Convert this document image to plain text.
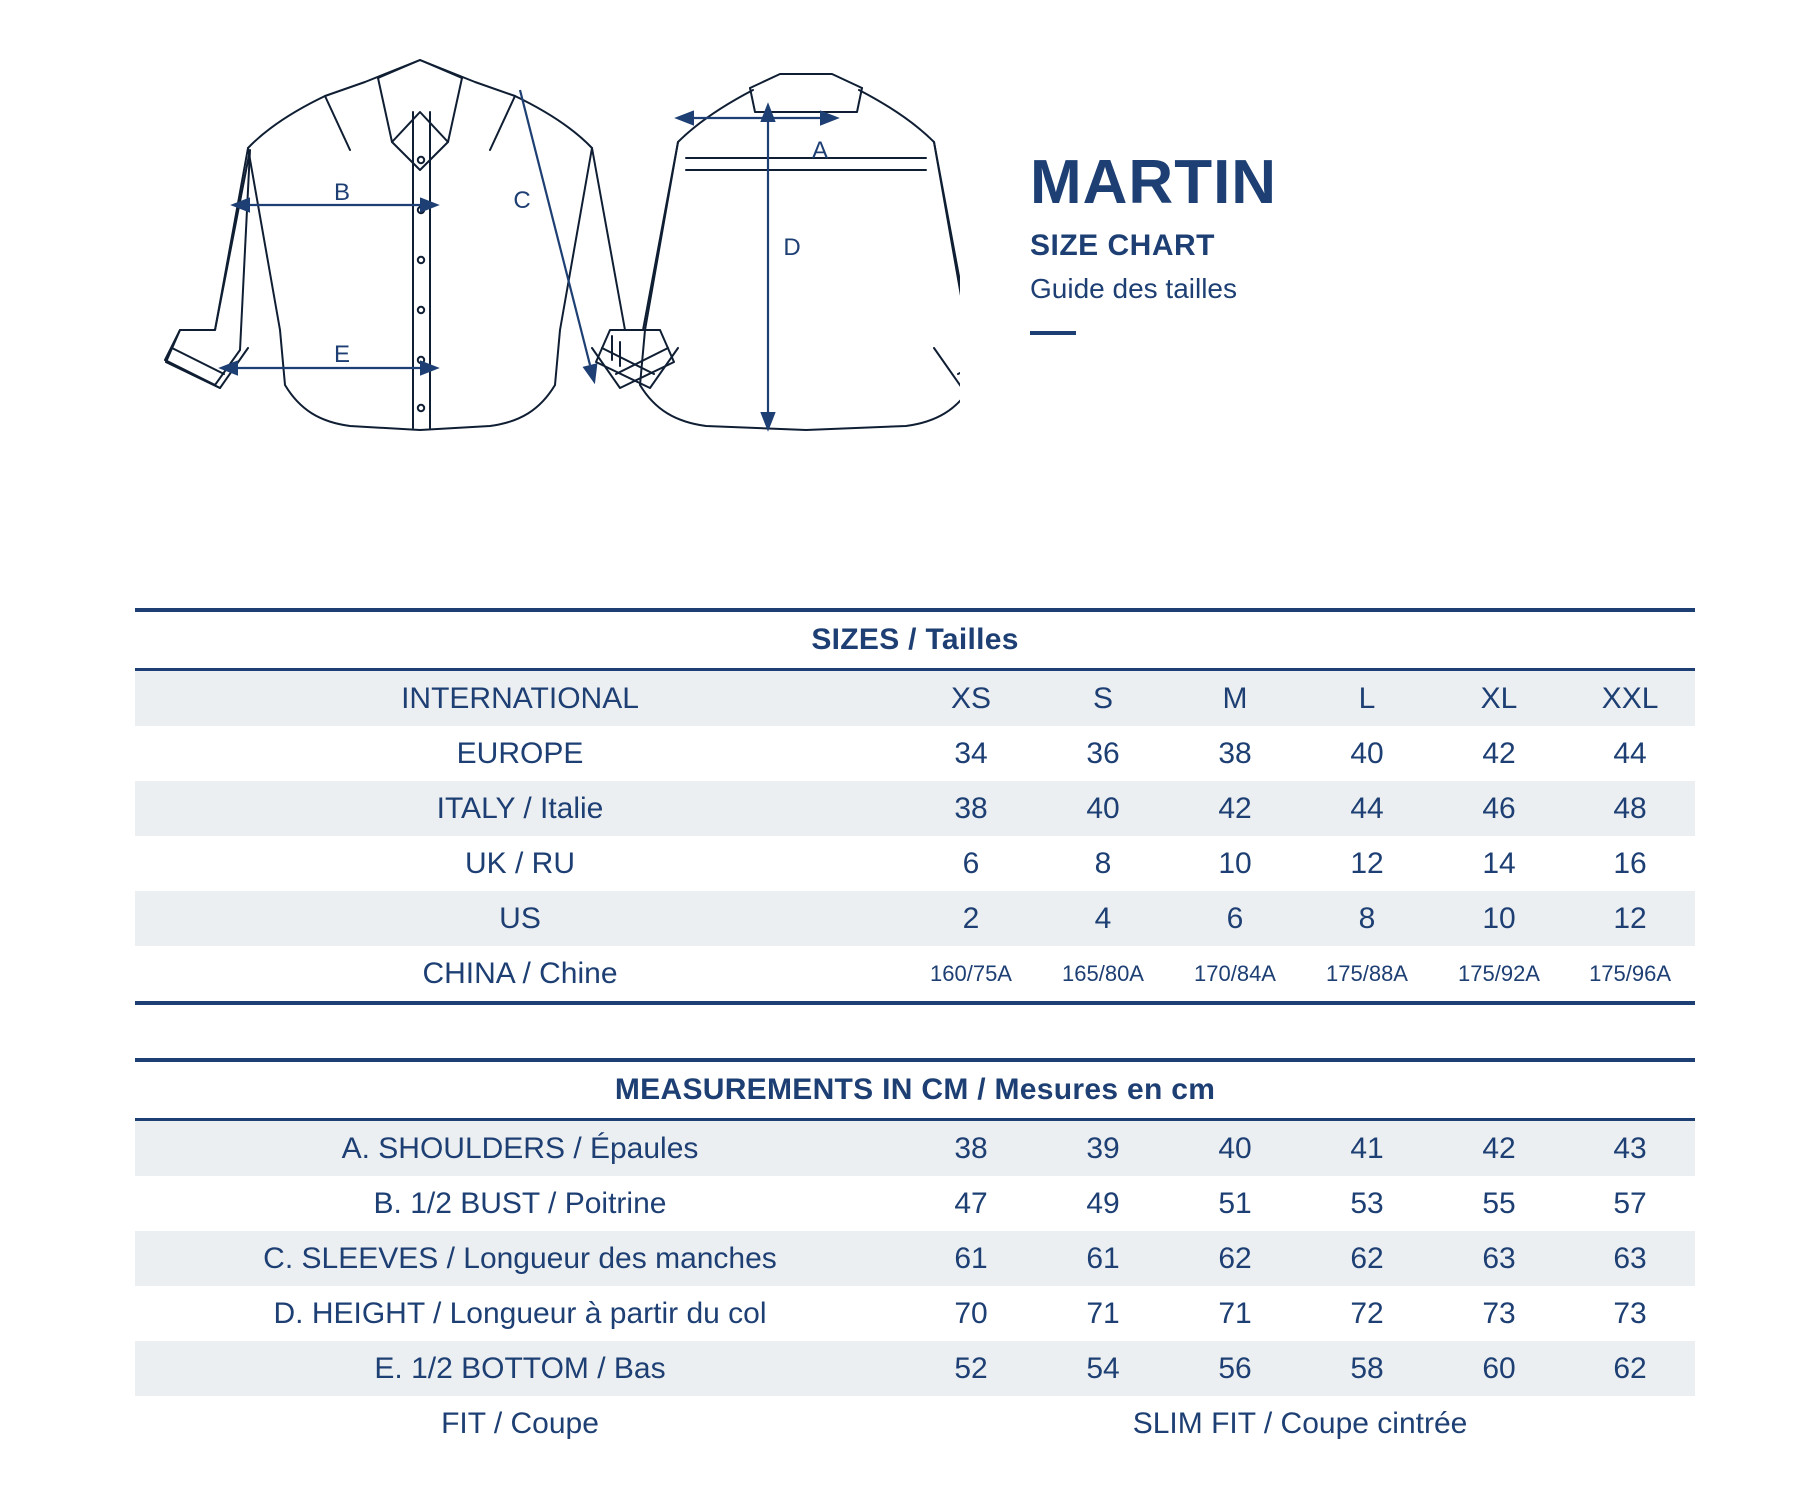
B
E
C
A
D
MARTIN
SIZE CHART
Guide des tailles
SIZES / Tailles						
INTERNATIONAL	XS	S	M	L	XL	XXL
EUROPE	34	36	38	40	42	44
ITALY / Italie	38	40	42	44	46	48
UK / RU	6	8	10	12	14	16
US	2	4	6	8	10	12
CHINA / Chine	160/75A	165/80A	170/84A	175/88A	175/92A	175/96A
MEASUREMENTS IN CM / Mesures en cm						
A. SHOULDERS / Épaules	38	39	40	41	42	43
B. 1/2 BUST / Poitrine	47	49	51	53	55	57
C. SLEEVES / Longueur des manches	61	61	62	62	63	63
D. HEIGHT / Longueur à partir du col	70	71	71	72	73	73
E. 1/2 BOTTOM / Bas	52	54	56	58	60	62
FIT / Coupe	SLIM FIT / Coupe cintrée					
